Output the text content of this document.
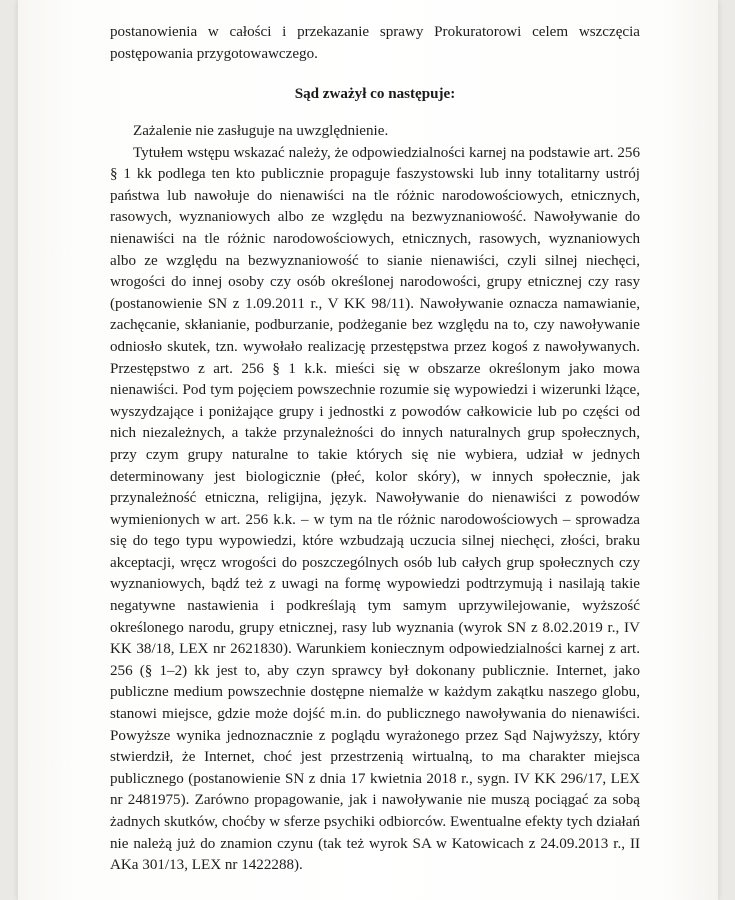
postanowienia w całości i przekazanie sprawy Prokuratorowi celem wszczęcia postępowania przygotowawczego.

Sąd zważył co następuje:

Zażalenie nie zasługuje na uwzględnienie.

Tytułem wstępu wskazać należy, że odpowiedzialności karnej na podstawie art. 256 § 1 kk podlega ten kto publicznie propaguje faszystowski lub inny totalitarny ustrój państwa lub nawołuje do nienawiści na tle różnic narodowościowych, etnicznych, rasowych, wyznaniowych albo ze względu na bezwyznaniowość. Nawoływanie do nienawiści na tle różnic narodowościowych, etnicznych, rasowych, wyznaniowych albo ze względu na bezwyznaniowość to sianie nienawiści, czyli silnej niechęci, wrogości do innej osoby czy osób określonej narodowości, grupy etnicznej czy rasy (postanowienie SN z 1.09.2011 r., V KK 98/11). Nawoływanie oznacza namawianie, zachęcanie, skłanianie, podburzanie, podżeganie bez względu na to, czy nawoływanie odniosło skutek, tzn. wywołało realizację przestępstwa przez kogoś z nawoływanych. Przestępstwo z art. 256 § 1 k.k. mieści się w obszarze określonym jako mowa nienawiści. Pod tym pojęciem powszechnie rozumie się wypowiedzi i wizerunki lżące, wyszydzające i poniżające grupy i jednostki z powodów całkowicie lub po części od nich niezależnych, a także przynależności do innych naturalnych grup społecznych, przy czym grupy naturalne to takie których się nie wybiera, udział w jednych determinowany jest biologicznie (płeć, kolor skóry), w innych społecznie, jak przynależność etniczna, religijna, język. Nawoływanie do nienawiści z powodów wymienionych w art. 256 k.k. – w tym na tle różnic narodowościowych – sprowadza się do tego typu wypowiedzi, które wzbudzają uczucia silnej niechęci, złości, braku akceptacji, wręcz wrogości do poszczególnych osób lub całych grup społecznych czy wyznaniowych, bądź też z uwagi na formę wypowiedzi podtrzymują i nasilają takie negatywne nastawienia i podkreślają tym samym uprzywilejowanie, wyższość określonego narodu, grupy etnicznej, rasy lub wyznania (wyrok SN z 8.02.2019 r., IV KK 38/18, LEX nr 2621830). Warunkiem koniecznym odpowiedzialności karnej z art. 256 (§ 1–2) kk jest to, aby czyn sprawcy był dokonany publicznie. Internet, jako publiczne medium powszechnie dostępne niemalże w każdym zakątku naszego globu, stanowi miejsce, gdzie może dojść m.in. do publicznego nawoływania do nienawiści. Powyższe wynika jednoznacznie z poglądu wyrażonego przez Sąd Najwyższy, który stwierdził, że Internet, choć jest przestrzenią wirtualną, to ma charakter miejsca publicznego (postanowienie SN z dnia 17 kwietnia 2018 r., sygn. IV KK 296/17, LEX nr 2481975). Zarówno propagowanie, jak i nawoływanie nie muszą pociągać za sobą żadnych skutków, choćby w sferze psychiki odbiorców. Ewentualne efekty tych działań nie należą już do znamion czynu (tak też wyrok SA w Katowicach z 24.09.2013 r., II AKa 301/13, LEX nr 1422288).
